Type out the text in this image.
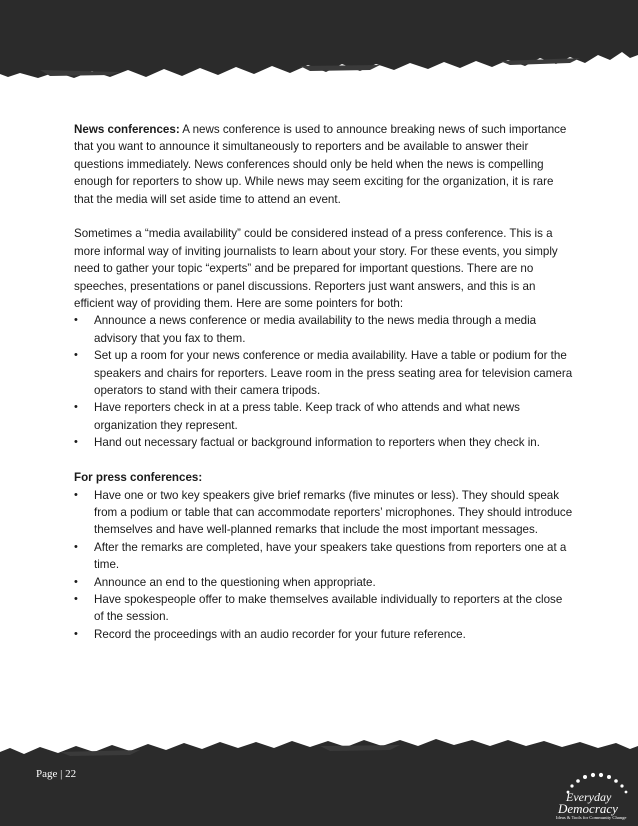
News conferences: A news conference is used to announce breaking news of such importance that you want to announce it simultaneously to reporters and be available to answer their questions immediately. News conferences should only be held when the news is compelling enough for reporters to show up. While news may seem exciting for the organization, it is rare that the media will set aside time to attend an event.

Sometimes a “media availability” could be considered instead of a press conference. This is a more informal way of inviting journalists to learn about your story. For these events, you simply need to gather your topic “experts” and be prepared for important questions. There are no speeches, presentations or panel discussions. Reporters just want answers, and this is an efficient way of providing them. Here are some pointers for both:

•	Announce a news conference or media availability to the news media through a media advisory that you fax to them.
•	Set up a room for your news conference or media availability. Have a table or podium for the speakers and chairs for reporters. Leave room in the press seating area for television camera operators to stand with their camera tripods.
•	Have reporters check in at a press table. Keep track of who attends and what news organization they represent.
•	Hand out necessary factual or background information to reporters when they check in.

For press conferences:

•	Have one or two key speakers give brief remarks (five minutes or less). They should speak from a podium or table that can accommodate reporters’ microphones. They should introduce themselves and have well-planned remarks that include the most important messages.
•	After the remarks are completed, have your speakers take questions from reporters one at a time.
•	Announce an end to the questioning when appropriate.
•	Have spokespeople offer to make themselves available individually to reporters at the close of the session.
•	Record the proceedings with an audio recorder for your future reference.
Page | 22
Everyday
Democracy
Ideas & Tools for Community Change
